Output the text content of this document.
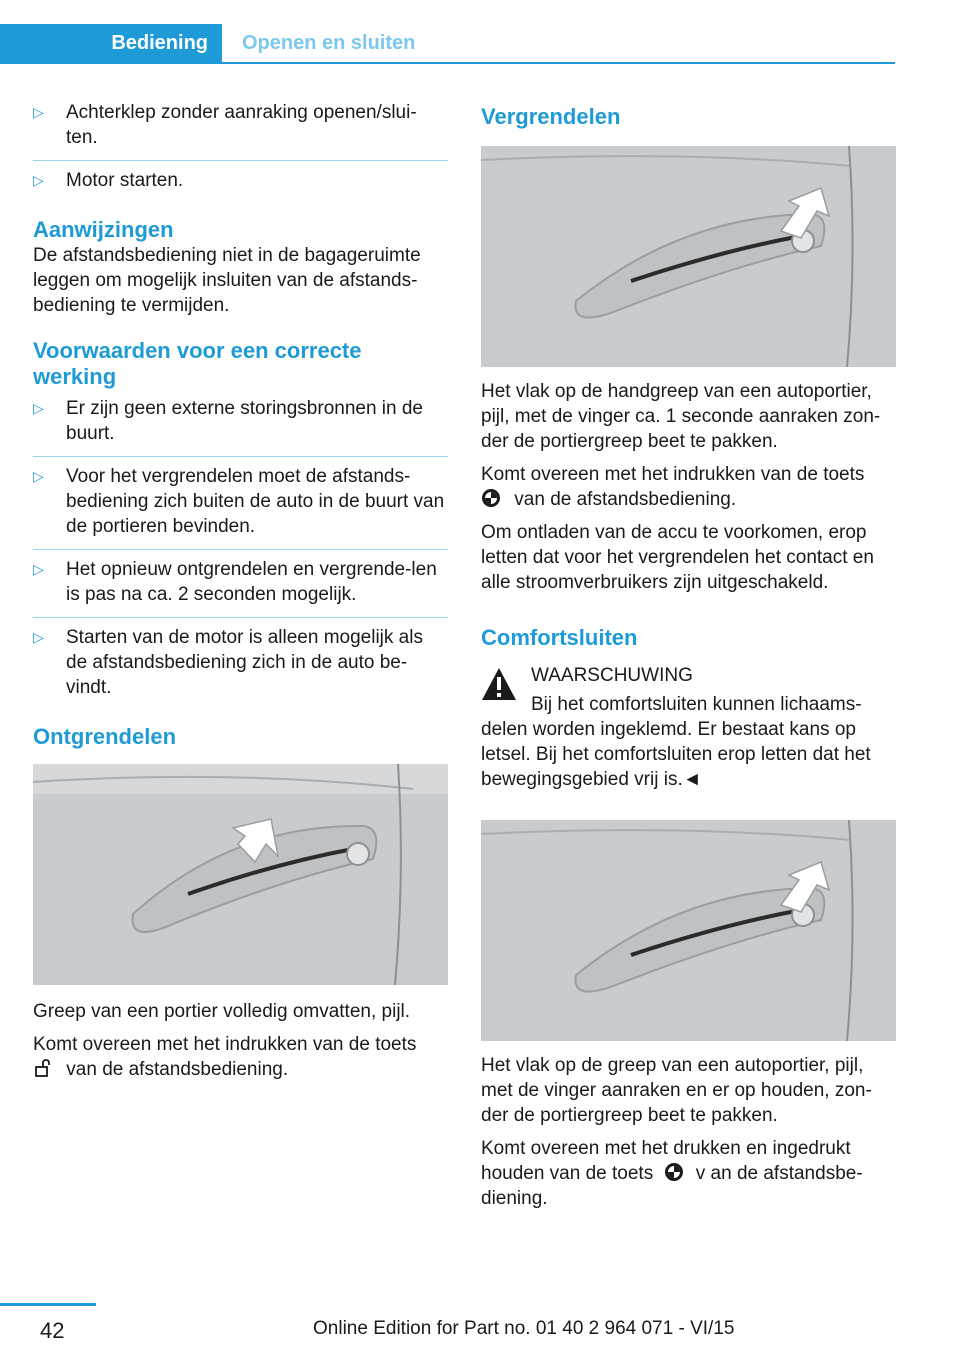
Bediening	Openen en sluiten
▷ Achterklep zonder aanraking openen/slui-ten.
▷ Motor starten.
Aanwijzingen

De afstandsbediening niet in de bagageruimte leggen om mogelijk insluiten van de afstands-bediening te vermijden.

Voorwaarden voor een correcte werking
▷ Er zijn geen externe storingsbronnen in de buurt.
▷ Voor het vergrendelen moet de afstands-bediening zich buiten de auto in de buurt van de portieren bevinden.
▷ Het opnieuw ontgrendelen en vergrende-len is pas na ca. 2 seconden mogelijk.
▷ Starten van de motor is alleen mogelijk als de afstandsbediening zich in de auto be-vindt.
Ontgrendelen

Greep van een portier volledig omvatten, pijl.

Komt overeen met het indrukken van de toets
van de afstandsbediening.

Vergrendelen

Het vlak op de handgreep van een autoportier, pijl, met de vinger ca. 1 seconde aanraken zon-der de portiergreep beet te pakken.

Komt overeen met het indrukken van de toets
van de afstandsbediening.

Om ontladen van de accu te voorkomen, erop letten dat voor het vergrendelen het contact en alle stroomverbruikers zijn uitgeschakeld.

Comfortsluiten

WAARSCHUWING

Bij het comfortsluiten kunnen lichaams-

delen worden ingeklemd. Er bestaat kans op letsel. Bij het comfortsluiten erop letten dat het bewegingsgebied vrij is.◄

Het vlak op de greep van een autoportier, pijl, met de vinger aanraken en er op houden, zon-der de portiergreep beet te pakken.

Komt overeen met het drukken en ingedrukt houden van de toets v an de afstandsbe-diening.

42	Online Edition for Part no. 01 40 2 964 071 - VI/15
